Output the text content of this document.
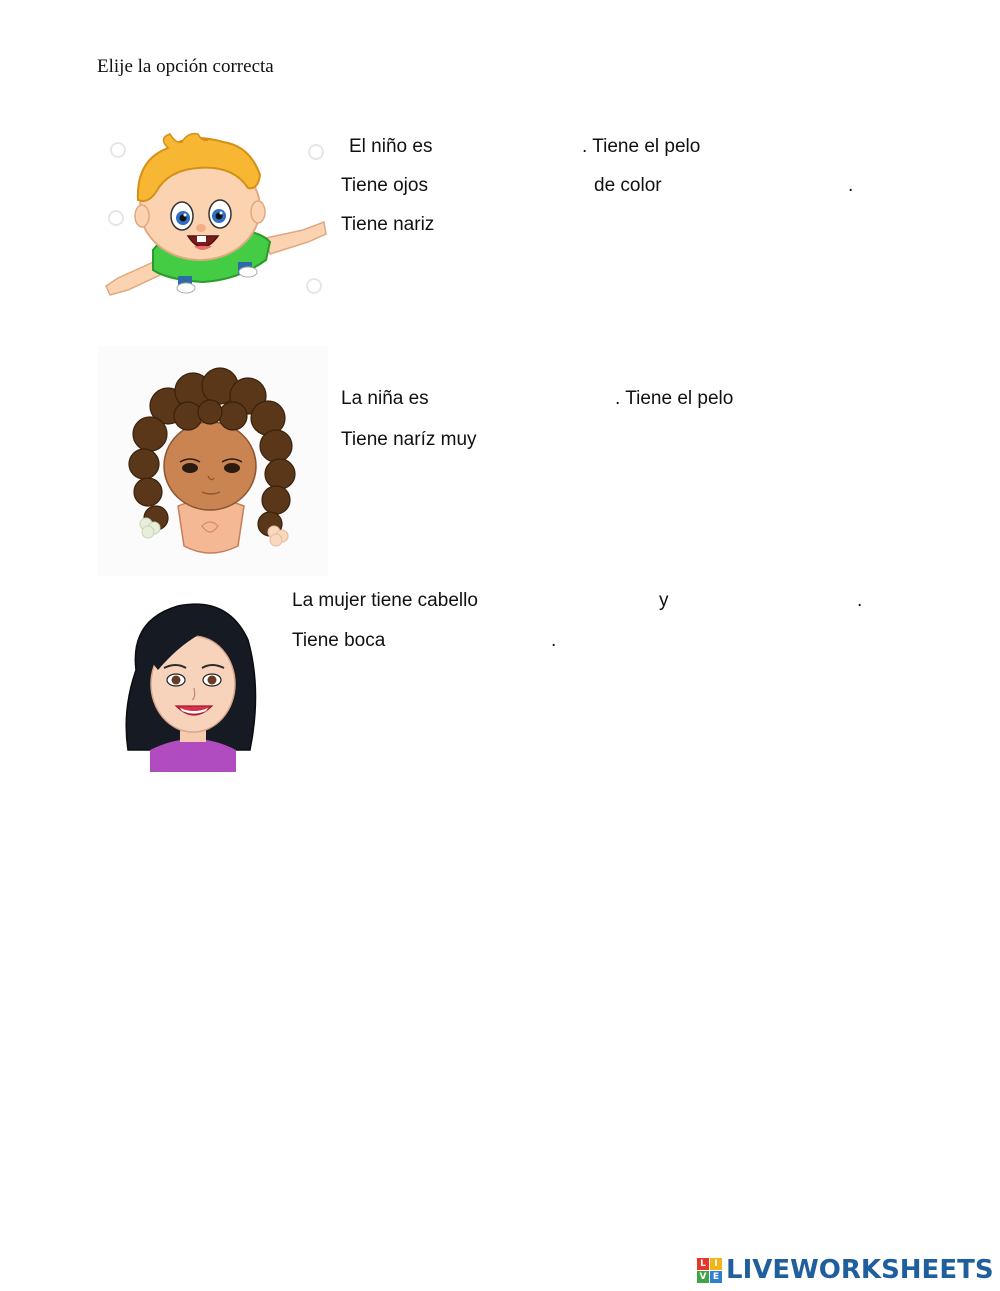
Elije la opción correcta
El niño es	. Tiene el pelo
Tiene ojos	de color	.
Tiene nariz
La niña es	. Tiene el pelo
Tiene naríz muy
La mujer tiene cabello	y	.
Tiene boca	.
L I
V E LIVEWORKSHEETS
